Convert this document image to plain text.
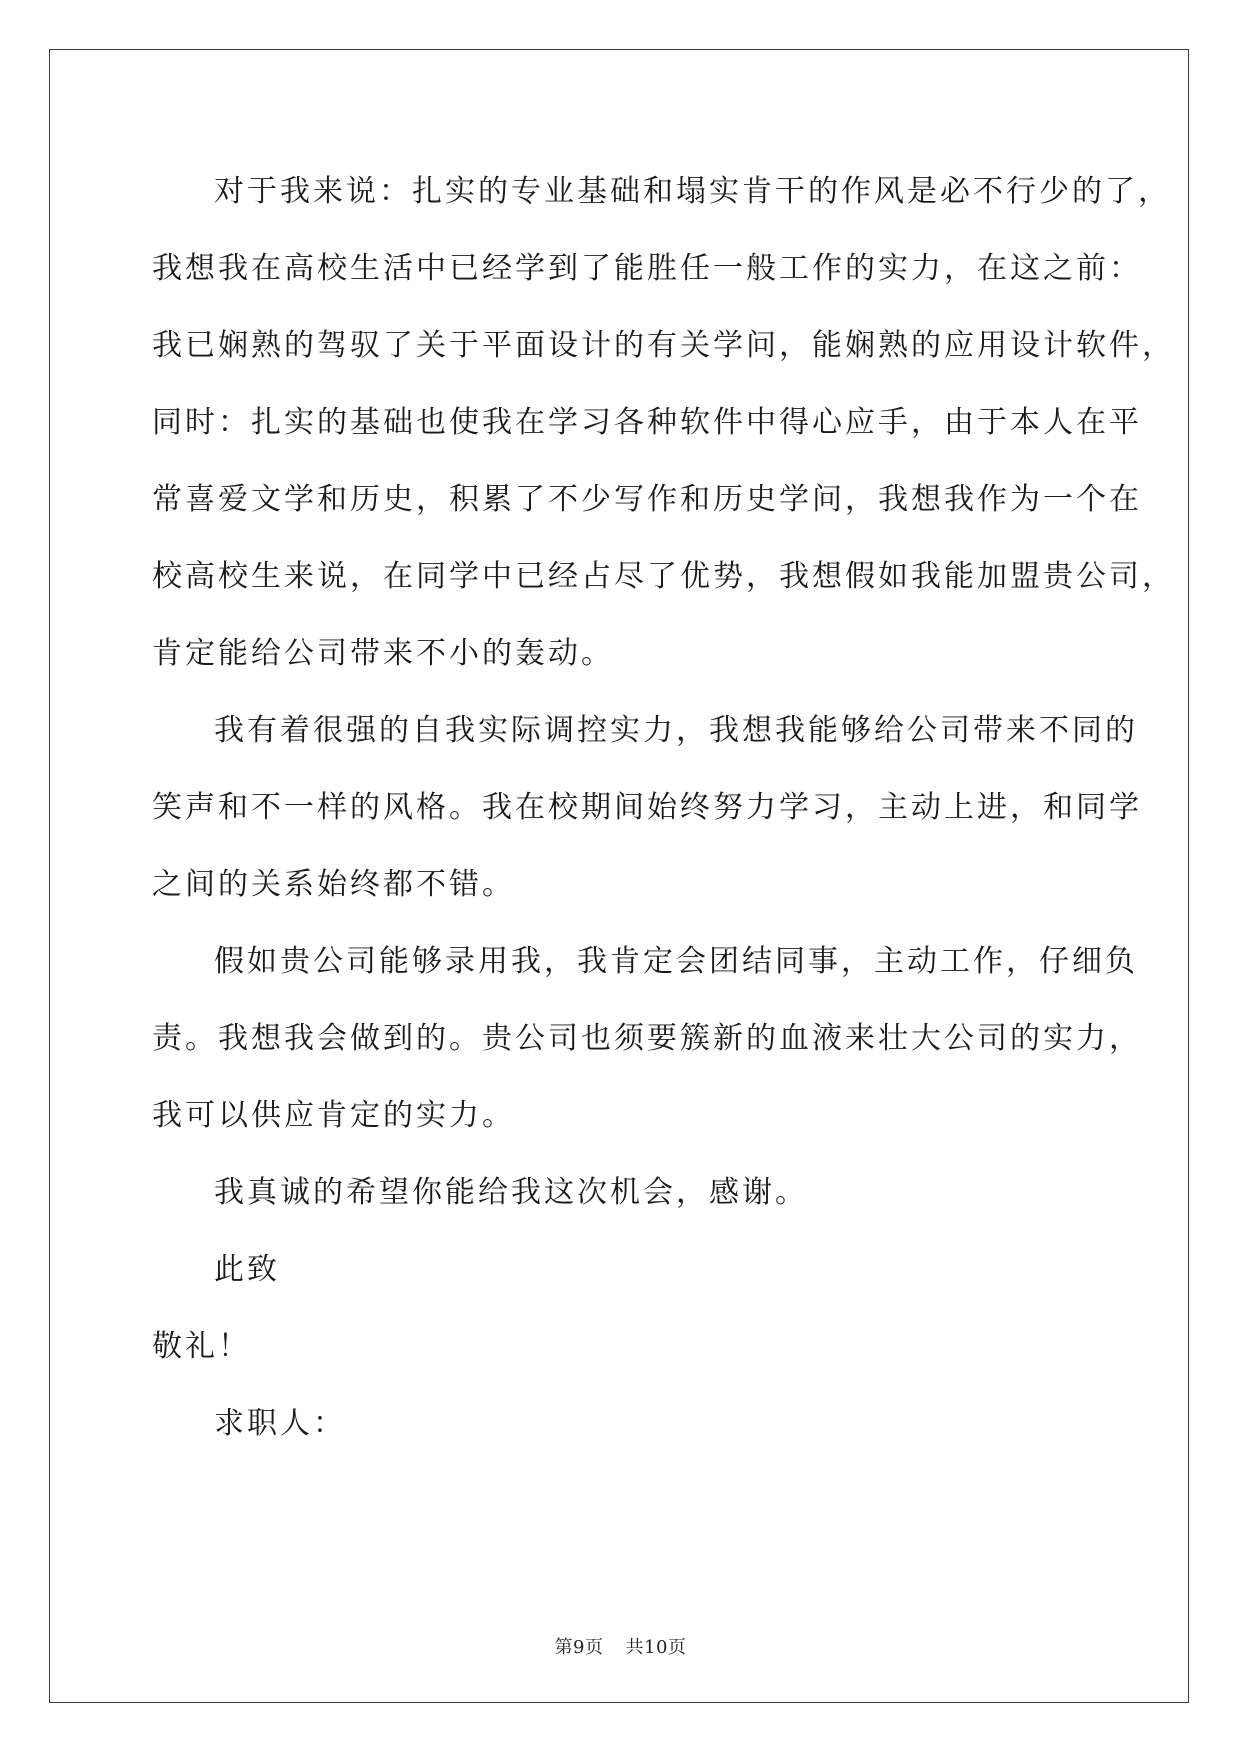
对于我来说：扎实的专业基础和塌实肯干的作风是必不行少的了，
我想我在高校生活中已经学到了能胜任一般工作的实力，在这之前：
我已娴熟的驾驭了关于平面设计的有关学问，能娴熟的应用设计软件，
同时：扎实的基础也使我在学习各种软件中得心应手，由于本人在平
常喜爱文学和历史，积累了不少写作和历史学问，我想我作为一个在
校高校生来说，在同学中已经占尽了优势，我想假如我能加盟贵公司，
肯定能给公司带来不小的轰动。
我有着很强的自我实际调控实力，我想我能够给公司带来不同的
笑声和不一样的风格。我在校期间始终努力学习，主动上进，和同学
之间的关系始终都不错。
假如贵公司能够录用我，我肯定会团结同事，主动工作，仔细负
责。我想我会做到的。贵公司也须要簇新的血液来壮大公司的实力，
我可以供应肯定的实力。
我真诚的希望你能给我这次机会，感谢。
此致
敬礼！
求职人：
第9页 共10页
